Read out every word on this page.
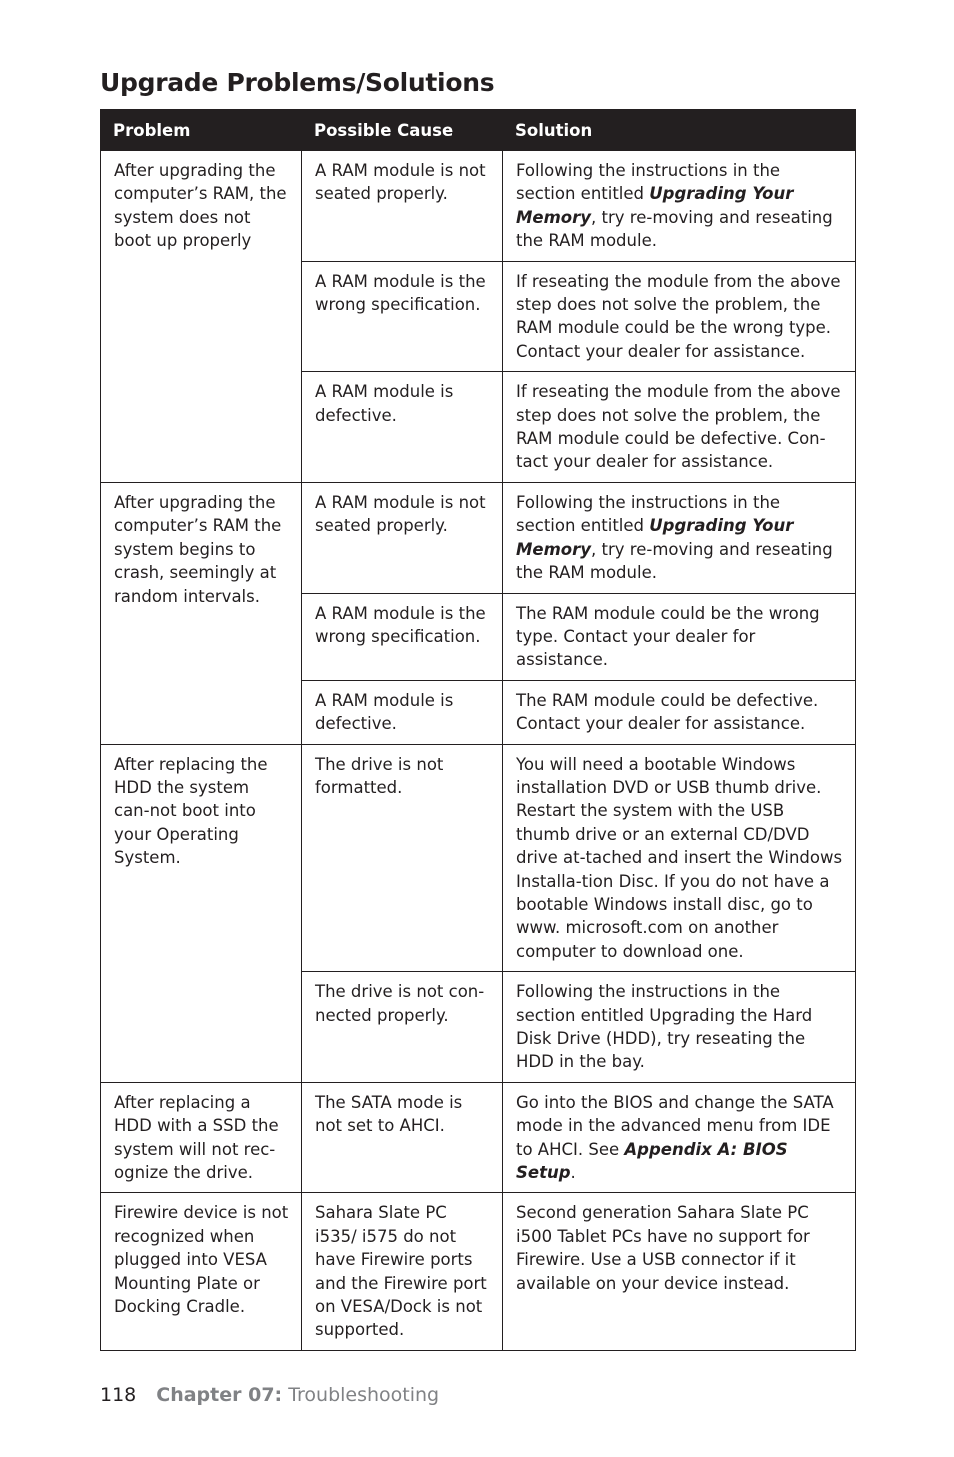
Upgrade Problems/Solutions
Problem	Possible Cause	Solution
After upgrading the computer’s RAM, the system does not boot up properly	A RAM module is not seated properly.	Following the instructions in the section entitled Upgrading Your Memory, try re-moving and reseating the RAM module.
	A RAM module is the wrong specification.	If reseating the module from the above step does not solve the problem, the RAM module could be the wrong type. Contact your dealer for assistance.
	A RAM module is defective.	If reseating the module from the above step does not solve the problem, the RAM module could be defective. Con-tact your dealer for assistance.
After upgrading the computer’s RAM the system begins to crash, seemingly at random intervals.	A RAM module is not seated properly.	Following the instructions in the section entitled Upgrading Your Memory, try re-moving and reseating the RAM module.
	A RAM module is the wrong specification.	The RAM module could be the wrong type. Contact your dealer for assistance.
	A RAM module is defective.	The RAM module could be defective. Contact your dealer for assistance.
After replacing the HDD the system can-not boot into your Operating System.	The drive is not formatted.	You will need a bootable Windows installation DVD or USB thumb drive. Restart the system with the USB thumb drive or an external CD/DVD drive at-tached and insert the Windows Installa-tion Disc. If you do not have a bootable Windows install disc, go to www. microsoft.com on another computer to download one.
	The drive is not con-nected properly.	Following the instructions in the section entitled Upgrading the Hard Disk Drive (HDD), try reseating the HDD in the bay.
After replacing a HDD with a SSD the system will not rec-ognize the drive.	The SATA mode is not set to AHCI.	Go into the BIOS and change the SATA mode in the advanced menu from IDE to AHCI. See Appendix A: BIOS Setup.
Firewire device is not recognized when plugged into VESA Mounting Plate or Docking Cradle.	Sahara Slate PC i535/ i575 do not have Firewire ports and the Firewire port on VESA/Dock is not supported.	Second generation Sahara Slate PC i500 Tablet PCs have no support for Firewire. Use a USB connector if it available on your device instead.
118 Chapter 07: Troubleshooting
